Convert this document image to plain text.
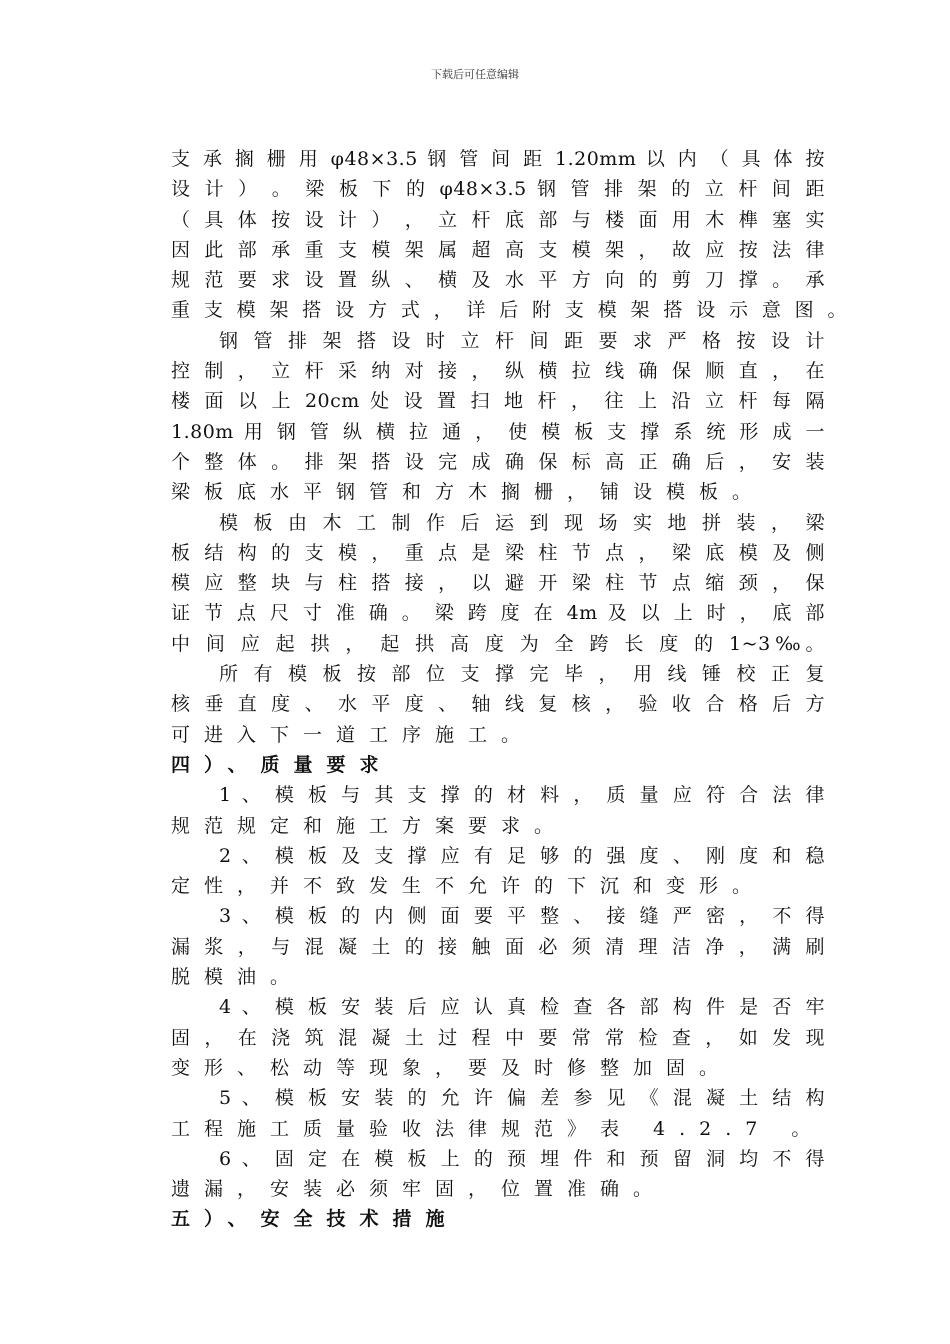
下载后可任意编辑
支 承 搁 栅 用 φ48×3.5 钢 管 间 距 1.20mm 以 内 （ 具 体 按
设 计 ） 。 梁 板 下 的 φ48×3.5 钢 管 排 架 的 立 杆 间 距
（ 具 体 按 设 计 ） ， 立 杆 底 部 与 楼 面 用 木 榫 塞 实
因 此 部 承 重 支 模 架 属 超 高 支 模 架 ， 故 应 按 法 律
规 范 要 求 设 置 纵 、 横 及 水 平 方 向 的 剪 刀 撑 。 承
重 支 模 架 搭 设 方 式 ， 详 后 附 支 模 架 搭 设 示 意 图 。
钢 管 排 架 搭 设 时 立 杆 间 距 要 求 严 格 按 设 计
控 制 ， 立 杆 采 纳 对 接 ， 纵 横 拉 线 确 保 顺 直 ， 在
楼 面 以 上 20cm 处 设 置 扫 地 杆 ， 往 上 沿 立 杆 每 隔
1.80m 用 钢 管 纵 横 拉 通 ， 使 模 板 支 撑 系 统 形 成 一
个 整 体 。 排 架 搭 设 完 成 确 保 标 高 正 确 后 ， 安 装
梁板底水平钢管和方木搁栅，铺设模板。
模 板 由 木 工 制 作 后 运 到 现 场 实 地 拼 装 ， 梁
板 结 构 的 支 模 ， 重 点 是 梁 柱 节 点 ， 梁 底 模 及 侧
模 应 整 块 与 柱 搭 接 ， 以 避 开 梁 柱 节 点 缩 颈 ， 保
证 节 点 尺 寸 准 确 。 梁 跨 度 在 4m 及 以 上 时 ， 底 部
中 间 应 起 拱 ， 起 拱 高 度 为 全 跨 长 度 的 1~3‰。
所 有 模 板 按 部 位 支 撑 完 毕 ， 用 线 锤 校 正 复
核 垂 直 度 、 水 平 度 、 轴 线 复 核 ， 验 收 合 格 后 方
可进入下一道工序施工。
四）、质量要求
1 、 模 板 与 其 支 撑 的 材 料 ， 质 量 应 符 合 法 律
规范规定和施工方案要求。
2 、 模 板 及 支 撑 应 有 足 够 的 强 度 、 刚 度 和 稳
定性，并不致发生不允许的下沉和变形。
3 、 模 板 的 内 侧 面 要 平 整 、 接 缝 严 密 ， 不 得
漏 浆 ， 与 混 凝 土 的 接 触 面 必 须 清 理 洁 净 ， 满 刷
脱模油。
4 、 模 板 安 装 后 应 认 真 检 查 各 部 构 件 是 否 牢
固 ， 在 浇 筑 混 凝 土 过 程 中 要 常 常 检 查 ， 如 发 现
变形、松动等现象，要及时修整加固。
5 、 模 板 安 装 的 允 许 偏 差 参 见 《 混 凝 土 结 构
工程施工质量验收法律规范》表 4.2.7 。
6 、 固 定 在 模 板 上 的 预 埋 件 和 预 留 洞 均 不 得
遗漏，安装必须牢固，位置准确。
五）、安全技术措施
